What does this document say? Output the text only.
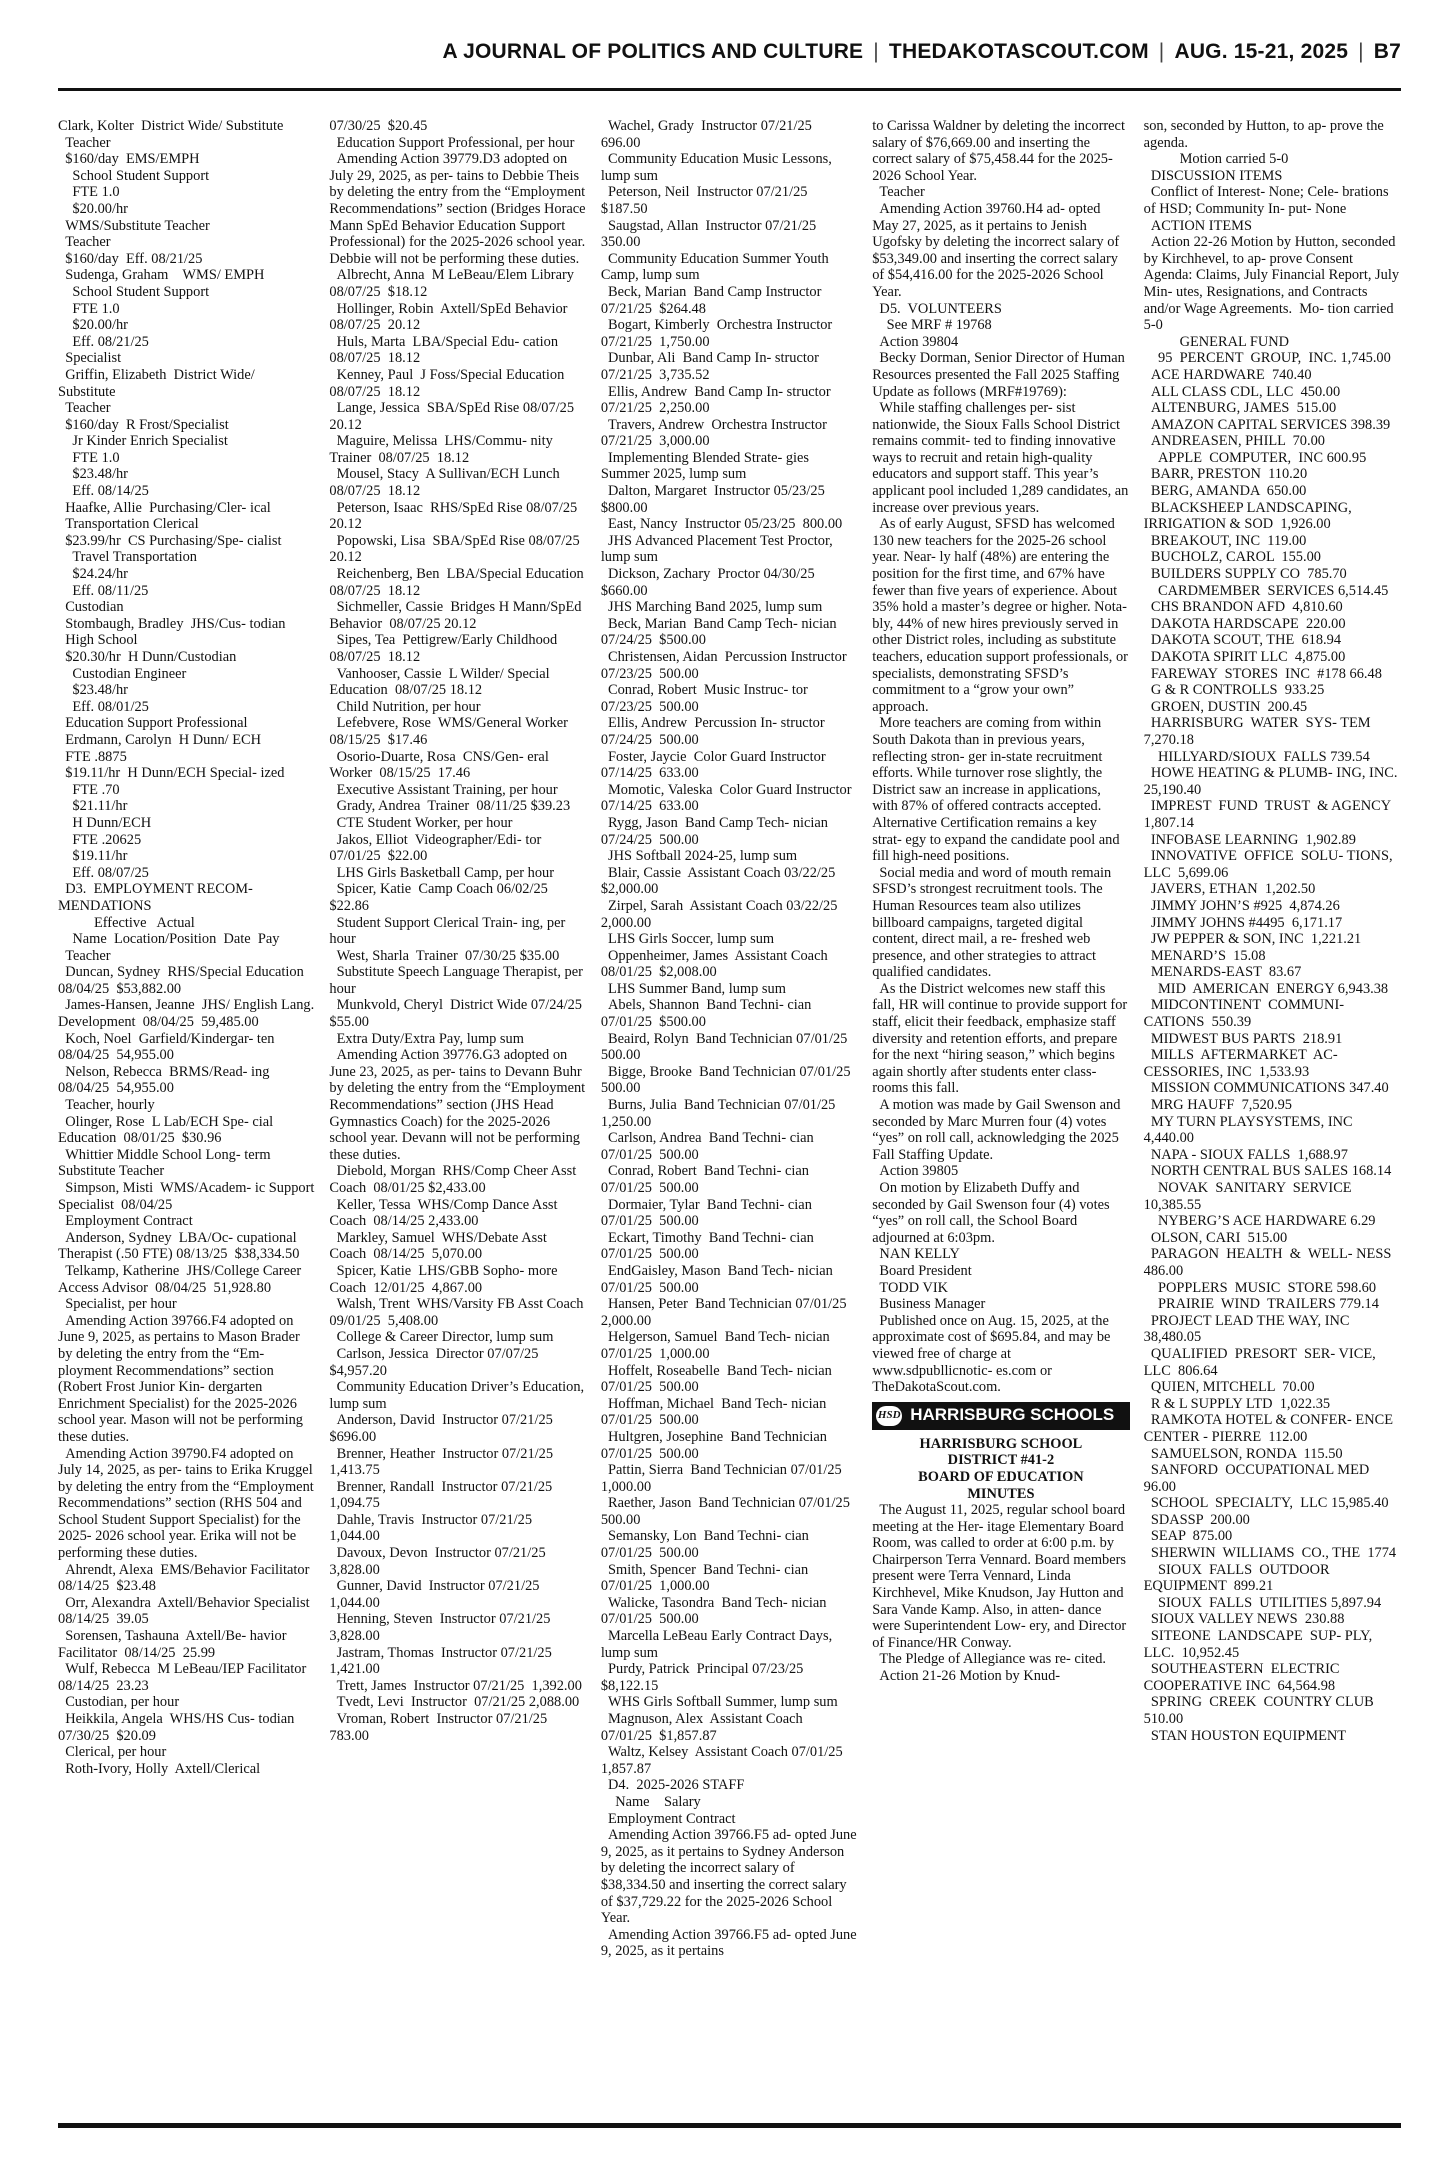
A JOURNAL OF POLITICS AND CULTURE | THEDAKOTASCOUT.COM | AUG. 15-21, 2025 | B7

Clark, Kolter  District Wide/ Substitute

Teacher

$160/day  EMS/EMPH

School Student Support

FTE 1.0

$20.00/hr

WMS/Substitute Teacher

Teacher

$160/day  Eff. 08/21/25

Sudenga, Graham    WMS/ EMPH

School Student Support

FTE 1.0

$20.00/hr

Eff. 08/21/25

Specialist

Griffin, Elizabeth  District Wide/ Substitute

Teacher

$160/day  R Frost/Specialist

Jr Kinder Enrich Specialist

FTE 1.0

$23.48/hr

Eff. 08/14/25

Haafke, Allie  Purchasing/Cler- ical

Transportation Clerical

$23.99/hr  CS Purchasing/Spe- cialist

Travel Transportation

$24.24/hr

Eff. 08/11/25

Custodian

Stombaugh, Bradley  JHS/Cus- todian

High School

$20.30/hr  H Dunn/Custodian

Custodian Engineer

$23.48/hr

Eff. 08/01/25

Education Support Professional

Erdmann, Carolyn  H Dunn/ ECH

FTE .8875

$19.11/hr  H Dunn/ECH Special- ized

FTE .70

$21.11/hr

H Dunn/ECH

FTE .20625

$19.11/hr

Eff. 08/07/25

D3.  EMPLOYMENT RECOM- MENDATIONS

Effective   Actual

Name  Location/Position  Date  Pay

Teacher

Duncan, Sydney  RHS/Special Education  08/04/25  $53,882.00

James-Hansen, Jeanne  JHS/ English Lang. Development  08/04/25  59,485.00

Koch, Noel  Garfield/Kindergar- ten  08/04/25  54,955.00

Nelson, Rebecca  BRMS/Read- ing  08/04/25  54,955.00

Teacher, hourly

Olinger, Rose  L Lab/ECH Spe- cial Education  08/01/25  $30.96

Whittier Middle School Long- term Substitute Teacher

Simpson, Misti  WMS/Academ- ic Support Specialist  08/04/25

Employment Contract

Anderson, Sydney  LBA/Oc- cupational Therapist (.50 FTE) 08/13/25  $38,334.50

Telkamp, Katherine  JHS/College Career Access Advisor  08/04/25  51,928.80

Specialist, per hour

Amending Action 39766.F4 adopted on June 9, 2025, as pertains to Mason Brader by deleting the entry from the “Em- ployment Recommendations” section (Robert Frost Junior Kin- dergarten Enrichment Specialist) for the 2025-2026 school year. Mason will not be performing these duties.

Amending Action 39790.F4 adopted on July 14, 2025, as per- tains to Erika Kruggel by deleting the entry from the “Employment Recommendations” section (RHS 504 and School Student Support Specialist) for the 2025- 2026 school year. Erika will not be performing these duties.

Ahrendt, Alexa  EMS/Behavior Facilitator  08/14/25  $23.48

Orr, Alexandra  Axtell/Behavior Specialist  08/14/25  39.05

Sorensen, Tashauna  Axtell/Be- havior Facilitator  08/14/25  25.99

Wulf, Rebecca  M LeBeau/IEP Facilitator  08/14/25  23.23

Custodian, per hour

Heikkila, Angela  WHS/HS Cus- todian  07/30/25  $20.09

Clerical, per hour

Roth-Ivory, Holly  Axtell/Clerical

07/30/25  $20.45

Education Support Professional, per hour

Amending Action 39779.D3 adopted on July 29, 2025, as per- tains to Debbie Theis by deleting the entry from the “Employment Recommendations” section (Bridges Horace Mann SpEd Behavior Education Support Professional) for the 2025-2026 school year. Debbie will not be performing these duties.

Albrecht, Anna  M LeBeau/Elem Library  08/07/25  $18.12

Hollinger, Robin  Axtell/SpEd Behavior  08/07/25  20.12

Huls, Marta  LBA/Special Edu- cation  08/07/25  18.12

Kenney, Paul  J Foss/Special Education  08/07/25  18.12

Lange, Jessica  SBA/SpEd Rise 08/07/25  20.12

Maguire, Melissa  LHS/Commu- nity Trainer  08/07/25  18.12

Mousel, Stacy  A Sullivan/ECH Lunch  08/07/25  18.12

Peterson, Isaac  RHS/SpEd Rise 08/07/25  20.12

Popowski, Lisa  SBA/SpEd Rise 08/07/25  20.12

Reichenberg, Ben  LBA/Special Education  08/07/25  18.12

Sichmeller, Cassie  Bridges H Mann/SpEd Behavior  08/07/25 20.12

Sipes, Tea  Pettigrew/Early Childhood  08/07/25  18.12

Vanhooser, Cassie  L Wilder/ Special Education  08/07/25 18.12

Child Nutrition, per hour

Lefebvere, Rose  WMS/General Worker  08/15/25  $17.46

Osorio-Duarte, Rosa  CNS/Gen- eral Worker  08/15/25  17.46

Executive Assistant Training, per hour

Grady, Andrea  Trainer  08/11/25 $39.23

CTE Student Worker, per hour

Jakos, Elliot  Videographer/Edi- tor  07/01/25  $22.00

LHS Girls Basketball Camp, per hour

Spicer, Katie  Camp Coach 06/02/25  $22.86

Student Support Clerical Train- ing, per hour

West, Sharla  Trainer  07/30/25 $35.00

Substitute Speech Language Therapist, per hour

Munkvold, Cheryl  District Wide 07/24/25  $55.00

Extra Duty/Extra Pay, lump sum

Amending Action 39776.G3 adopted on June 23, 2025, as per- tains to Devann Buhr by deleting the entry from the “Employment Recommendations” section (JHS Head Gymnastics Coach) for the 2025-2026 school year. Devann will not be performing these duties.

Diebold, Morgan  RHS/Comp Cheer Asst Coach  08/01/25 $2,433.00

Keller, Tessa  WHS/Comp Dance Asst Coach  08/14/25 2,433.00

Markley, Samuel  WHS/Debate Asst Coach  08/14/25  5,070.00

Spicer, Katie  LHS/GBB Sopho- more Coach  12/01/25  4,867.00

Walsh, Trent  WHS/Varsity FB Asst Coach  09/01/25  5,408.00

College & Career Director, lump sum

Carlson, Jessica  Director 07/07/25  $4,957.20

Community Education Driver’s Education, lump sum

Anderson, David  Instructor 07/21/25  $696.00

Brenner, Heather  Instructor 07/21/25  1,413.75

Brenner, Randall  Instructor 07/21/25  1,094.75

Dahle, Travis  Instructor 07/21/25  1,044.00

Davoux, Devon  Instructor 07/21/25  3,828.00

Gunner, David  Instructor 07/21/25  1,044.00

Henning, Steven  Instructor 07/21/25  3,828.00

Jastram, Thomas  Instructor 07/21/25  1,421.00

Trett, James  Instructor 07/21/25  1,392.00

Tvedt, Levi  Instructor  07/21/25 2,088.00

Vroman, Robert  Instructor 07/21/25  783.00

Wachel, Grady  Instructor 07/21/25  696.00

Community Education Music Lessons, lump sum

Peterson, Neil  Instructor 07/21/25  $187.50

Saugstad, Allan  Instructor 07/21/25  350.00

Community Education Summer Youth Camp, lump sum

Beck, Marian  Band Camp Instructor  07/21/25  $264.48

Bogart, Kimberly  Orchestra Instructor  07/21/25  1,750.00

Dunbar, Ali  Band Camp In- structor  07/21/25  3,735.52

Ellis, Andrew  Band Camp In- structor  07/21/25  2,250.00

Travers, Andrew  Orchestra Instructor  07/21/25  3,000.00

Implementing Blended Strate- gies Summer 2025, lump sum

Dalton, Margaret  Instructor 05/23/25  $800.00

East, Nancy  Instructor 05/23/25  800.00

JHS Advanced Placement Test Proctor, lump sum

Dickson, Zachary  Proctor 04/30/25  $660.00

JHS Marching Band 2025, lump sum

Beck, Marian  Band Camp Tech- nician  07/24/25  $500.00

Christensen, Aidan  Percussion Instructor  07/23/25  500.00

Conrad, Robert  Music Instruc- tor  07/23/25  500.00

Ellis, Andrew  Percussion In- structor  07/24/25  500.00

Foster, Jaycie  Color Guard Instructor  07/14/25  633.00

Momotic, Valeska  Color Guard Instructor  07/14/25  633.00

Rygg, Jason  Band Camp Tech- nician  07/24/25  500.00

JHS Softball 2024-25, lump sum

Blair, Cassie  Assistant Coach 03/22/25  $2,000.00

Zirpel, Sarah  Assistant Coach 03/22/25  2,000.00

LHS Girls Soccer, lump sum

Oppenheimer, James  Assistant Coach  08/01/25  $2,008.00

LHS Summer Band, lump sum

Abels, Shannon  Band Techni- cian  07/01/25  $500.00

Beaird, Rolyn  Band Technician 07/01/25  500.00

Bigge, Brooke  Band Technician 07/01/25  500.00

Burns, Julia  Band Technician 07/01/25  1,250.00

Carlson, Andrea  Band Techni- cian  07/01/25  500.00

Conrad, Robert  Band Techni- cian  07/01/25  500.00

Dormaier, Tylar  Band Techni- cian  07/01/25  500.00

Eckart, Timothy  Band Techni- cian  07/01/25  500.00

EndGaisley, Mason  Band Tech- nician  07/01/25  500.00

Hansen, Peter  Band Technician 07/01/25  2,000.00

Helgerson, Samuel  Band Tech- nician  07/01/25  1,000.00

Hoffelt, Roseabelle  Band Tech- nician  07/01/25  500.00

Hoffman, Michael  Band Tech- nician  07/01/25  500.00

Hultgren, Josephine  Band Technician  07/01/25  500.00

Pattin, Sierra  Band Technician 07/01/25  1,000.00

Raether, Jason  Band Technician 07/01/25  500.00

Semansky, Lon  Band Techni- cian  07/01/25  500.00

Smith, Spencer  Band Techni- cian  07/01/25  1,000.00

Walicke, Tasondra  Band Tech- nician  07/01/25  500.00

Marcella LeBeau Early Contract Days, lump sum

Purdy, Patrick  Principal 07/23/25  $8,122.15

WHS Girls Softball Summer, lump sum

Magnuson, Alex  Assistant Coach  07/01/25  $1,857.87

Waltz, Kelsey  Assistant Coach 07/01/25  1,857.87

D4.  2025-2026 STAFF

Name    Salary

Employment Contract

Amending Action 39766.F5 ad- opted June 9, 2025, as it pertains to Sydney Anderson by deleting the incorrect salary of $38,334.50 and inserting the correct salary of $37,729.22 for the 2025-2026 School Year.

Amending Action 39766.F5 ad- opted June 9, 2025, as it pertains

to Carissa Waldner by deleting the incorrect salary of $76,669.00 and inserting the correct salary of $75,458.44 for the 2025-2026 School Year.

Teacher

Amending Action 39760.H4 ad- opted May 27, 2025, as it pertains to Jenish Ugofsky by deleting the incorrect salary of $53,349.00 and inserting the correct salary of $54,416.00 for the 2025-2026 School Year.

D5.  VOLUNTEERS

See MRF # 19768

Action 39804

Becky Dorman, Senior Director of Human Resources presented the Fall 2025 Staffing Update as follows (MRF#19769):

While staffing challenges per- sist nationwide, the Sioux Falls School District remains commit- ted to finding innovative ways to recruit and retain high-quality educators and support staff. This year’s applicant pool included 1,289 candidates, an increase over previous years.

As of early August, SFSD has welcomed 130 new teachers for the 2025-26 school year. Near- ly half (48%) are entering the position for the first time, and 67% have fewer than five years of experience. About 35% hold a master’s degree or higher. Nota- bly, 44% of new hires previously served in other District roles, including as substitute teachers, education support professionals, or specialists, demonstrating SFSD’s commitment to a “grow your own” approach.

More teachers are coming from within South Dakota than in previous years, reflecting stron- ger in-state recruitment efforts. While turnover rose slightly, the District saw an increase in applications, with 87% of offered contracts accepted. Alternative Certification remains a key strat- egy to expand the candidate pool and fill high-need positions.

Social media and word of mouth remain SFSD’s strongest recruitment tools. The Human Resources team also utilizes billboard campaigns, targeted digital content, direct mail, a re- freshed web presence, and other strategies to attract qualified candidates.

As the District welcomes new staff this fall, HR will continue to provide support for staff, elicit their feedback, emphasize staff diversity and retention efforts, and prepare for the next “hiring season,” which begins again shortly after students enter class- rooms this fall.

A motion was made by Gail Swenson and seconded by Marc Murren four (4) votes “yes” on roll call, acknowledging the 2025 Fall Staffing Update.

Action 39805

On motion by Elizabeth Duffy and seconded by Gail Swenson four (4) votes “yes” on roll call, the School Board adjourned at 6:03pm.

NAN KELLY

Board President

TODD VIK

Business Manager

Published once on Aug. 15, 2025, at the approximate cost of $695.84, and may be viewed free of charge at www.sdpubllicnotic- es.com or TheDakotaScout.com.

HSD HARRISBURG SCHOOLS
HARRISBURG SCHOOL
DISTRICT #41-2
BOARD OF EDUCATION
MINUTES

The August 11, 2025, regular school board meeting at the Her- itage Elementary Board Room, was called to order at 6:00 p.m. by Chairperson Terra Vennard. Board members present were Terra Vennard, Linda Kirchhevel, Mike Knudson, Jay Hutton and Sara Vande Kamp. Also, in atten- dance were Superintendent Low- ery, and Director of Finance/HR Conway.

The Pledge of Allegiance was re- cited.

Action 21-26 Motion by Knud-

son, seconded by Hutton, to ap- prove the agenda.

Motion carried 5-0

DISCUSSION ITEMS

Conflict of Interest- None; Cele- brations of HSD; Community In- put- None

ACTION ITEMS

Action 22-26 Motion by Hutton, seconded by Kirchhevel, to ap- prove Consent Agenda: Claims, July Financial Report, July Min- utes, Resignations, and Contracts and/or Wage Agreements.  Mo- tion carried 5-0

GENERAL FUND

95  PERCENT  GROUP,  INC. 1,745.00

ACE HARDWARE  740.40

ALL CLASS CDL, LLC  450.00

ALTENBURG, JAMES  515.00

AMAZON CAPITAL SERVICES 398.39

ANDREASEN, PHILL  70.00

APPLE  COMPUTER,  INC 600.95

BARR, PRESTON  110.20

BERG, AMANDA  650.00

BLACKSHEEP LANDSCAPING, IRRIGATION & SOD  1,926.00

BREAKOUT, INC  119.00

BUCHOLZ, CAROL  155.00

BUILDERS SUPPLY CO  785.70

CARDMEMBER  SERVICES 6,514.45

CHS BRANDON AFD  4,810.60

DAKOTA HARDSCAPE  220.00

DAKOTA SCOUT, THE  618.94

DAKOTA SPIRIT LLC  4,875.00

FAREWAY  STORES  INC  #178 66.48

G & R CONTROLLS  933.25

GROEN, DUSTIN  200.45

HARRISBURG  WATER  SYS- TEM  7,270.18

HILLYARD/SIOUX  FALLS 739.54

HOWE HEATING & PLUMB- ING, INC.  25,190.40

IMPREST  FUND  TRUST  & AGENCY  1,807.14

INFOBASE LEARNING  1,902.89

INNOVATIVE  OFFICE  SOLU- TIONS, LLC  5,699.06

JAVERS, ETHAN  1,202.50

JIMMY JOHN’S #925  4,874.26

JIMMY JOHNS #4495  6,171.17

JW PEPPER & SON, INC  1,221.21

MENARD’S  15.08

MENARDS-EAST  83.67

MID  AMERICAN  ENERGY 6,943.38

MIDCONTINENT  COMMUNI- CATIONS  550.39

MIDWEST BUS PARTS  218.91

MILLS  AFTERMARKET  AC- CESSORIES, INC  1,533.93

MISSION COMMUNICATIONS 347.40

MRG HAUFF  7,520.95

MY TURN PLAYSYSTEMS, INC 4,440.00

NAPA - SIOUX FALLS  1,688.97

NORTH CENTRAL BUS SALES 168.14

NOVAK  SANITARY  SERVICE 10,385.55

NYBERG’S ACE HARDWARE 6.29

OLSON, CARI  515.00

PARAGON  HEALTH  &  WELL- NESS  486.00

POPPLERS  MUSIC  STORE 598.60

PRAIRIE  WIND  TRAILERS 779.14

PROJECT LEAD THE WAY, INC 38,480.05

QUALIFIED  PRESORT  SER- VICE, LLC  806.64

QUIEN, MITCHELL  70.00

R & L SUPPLY LTD  1,022.35

RAMKOTA HOTEL & CONFER- ENCE CENTER - PIERRE  112.00

SAMUELSON, RONDA  115.50

SANFORD  OCCUPATIONAL MED  96.00

SCHOOL  SPECIALTY,  LLC 15,985.40

SDASSP  200.00

SEAP  875.00

SHERWIN  WILLIAMS  CO., THE  1774

SIOUX  FALLS  OUTDOOR EQUIPMENT  899.21

SIOUX  FALLS  UTILITIES 5,897.94

SIOUX VALLEY NEWS  230.88

SITEONE  LANDSCAPE  SUP- PLY, LLC.  10,952.45

SOUTHEASTERN  ELECTRIC COOPERATIVE INC  64,564.98

SPRING  CREEK  COUNTRY CLUB  510.00

STAN HOUSTON EQUIPMENT
